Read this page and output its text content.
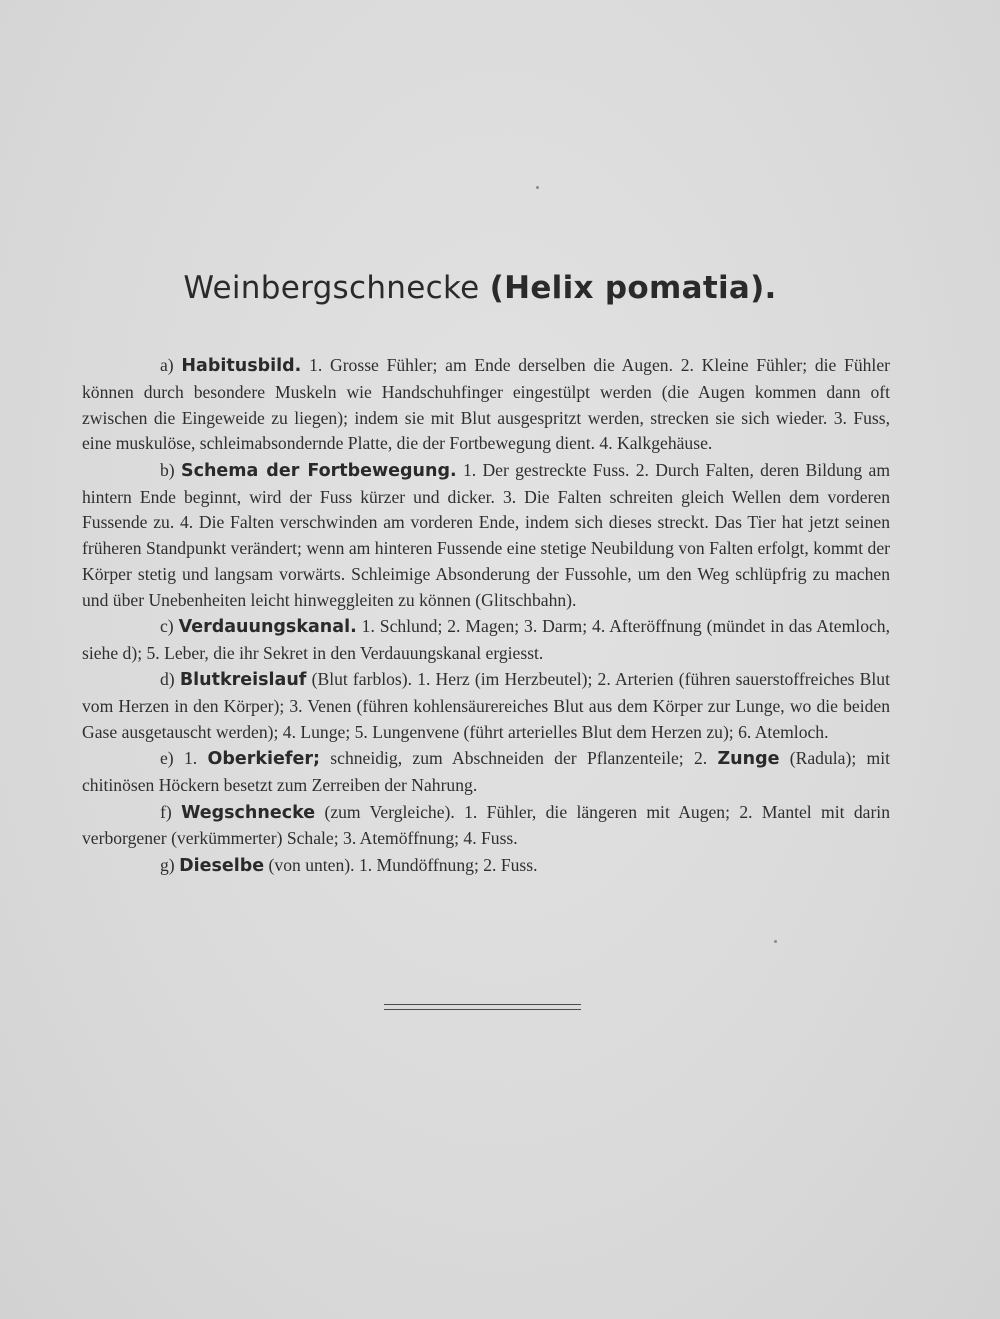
Weinbergschnecke (Helix pomatia).

a) Habitusbild. 1. Grosse Fühler; am Ende derselben die Augen. 2. Kleine Fühler; die Fühler können durch besondere Muskeln wie Handschuhfinger eingestülpt werden (die Augen kommen dann oft zwischen die Eingeweide zu liegen); indem sie mit Blut ausgespritzt werden, strecken sie sich wieder. 3. Fuss, eine muskulöse, schleimabsondernde Platte, die der Fortbewegung dient. 4. Kalkgehäuse.

b) Schema der Fortbewegung. 1. Der gestreckte Fuss. 2. Durch Falten, deren Bildung am hintern Ende beginnt, wird der Fuss kürzer und dicker. 3. Die Falten schreiten gleich Wellen dem vorderen Fussende zu. 4. Die Falten verschwinden am vorderen Ende, indem sich dieses streckt. Das Tier hat jetzt seinen früheren Standpunkt verändert; wenn am hinteren Fussende eine stetige Neubildung von Falten erfolgt, kommt der Körper stetig und langsam vorwärts. Schleimige Absonderung der Fussohle, um den Weg schlüpfrig zu machen und über Unebenheiten leicht hinweggleiten zu können (Glitschbahn).

c) Verdauungskanal. 1. Schlund; 2. Magen; 3. Darm; 4. Afteröffnung (mündet in das Atemloch, siehe d); 5. Leber, die ihr Sekret in den Verdauungskanal ergiesst.

d) Blutkreislauf (Blut farblos). 1. Herz (im Herzbeutel); 2. Arterien (führen sauerstoffreiches Blut vom Herzen in den Körper); 3. Venen (führen kohlensäurereiches Blut aus dem Körper zur Lunge, wo die beiden Gase ausgetauscht werden); 4. Lunge; 5. Lungenvene (führt arterielles Blut dem Herzen zu); 6. Atemloch.

e) 1. Oberkiefer; schneidig, zum Abschneiden der Pflanzenteile; 2. Zunge (Radula); mit chitinösen Höckern besetzt zum Zerreiben der Nahrung.

f) Wegschnecke (zum Vergleiche). 1. Fühler, die längeren mit Augen; 2. Mantel mit darin verborgener (verkümmerter) Schale; 3. Atemöffnung; 4. Fuss.

g) Dieselbe (von unten). 1. Mundöffnung; 2. Fuss.
